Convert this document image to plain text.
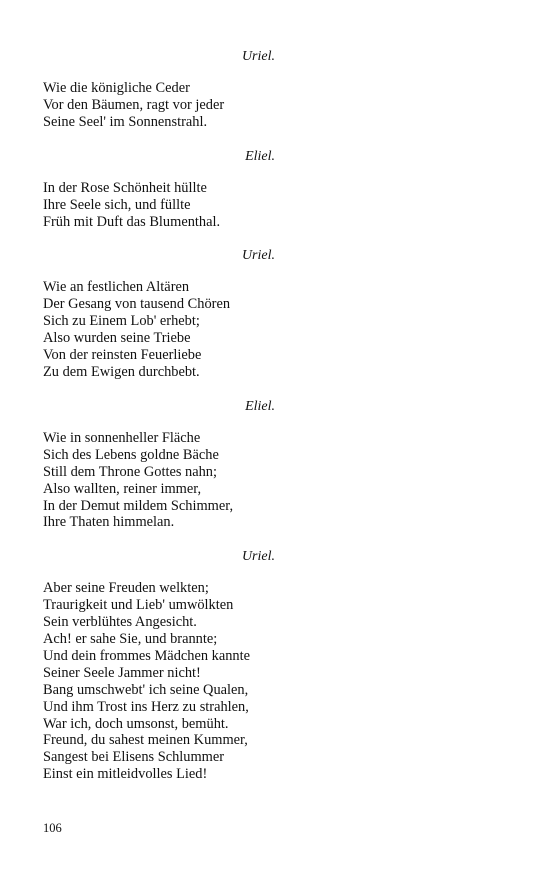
Uriel.

Wie die königliche Ceder
Vor den Bäumen, ragt vor jeder
Seine Seel' im Sonnenstrahl.

Eliel.

In der Rose Schönheit hüllte
Ihre Seele sich, und füllte
Früh mit Duft das Blumenthal.

Uriel.

Wie an festlichen Altären
Der Gesang von tausend Chören
Sich zu Einem Lob' erhebt;
Also wurden seine Triebe
Von der reinsten Feuerliebe
Zu dem Ewigen durchbebt.

Eliel.

Wie in sonnenheller Fläche
Sich des Lebens goldne Bäche
Still dem Throne Gottes nahn;
Also wallten, reiner immer,
In der Demut mildem Schimmer,
Ihre Thaten himmelan.

Uriel.

Aber seine Freuden welkten;
Traurigkeit und Lieb' umwölkten
Sein verblühtes Angesicht.
Ach! er sahe Sie, und brannte;
Und dein frommes Mädchen kannte
Seiner Seele Jammer nicht!
Bang umschwebt' ich seine Qualen,
Und ihm Trost ins Herz zu strahlen,
War ich, doch umsonst, bemüht.
Freund, du sahest meinen Kummer,
Sangest bei Elisens Schlummer
Einst ein mitleidvolles Lied!
106
